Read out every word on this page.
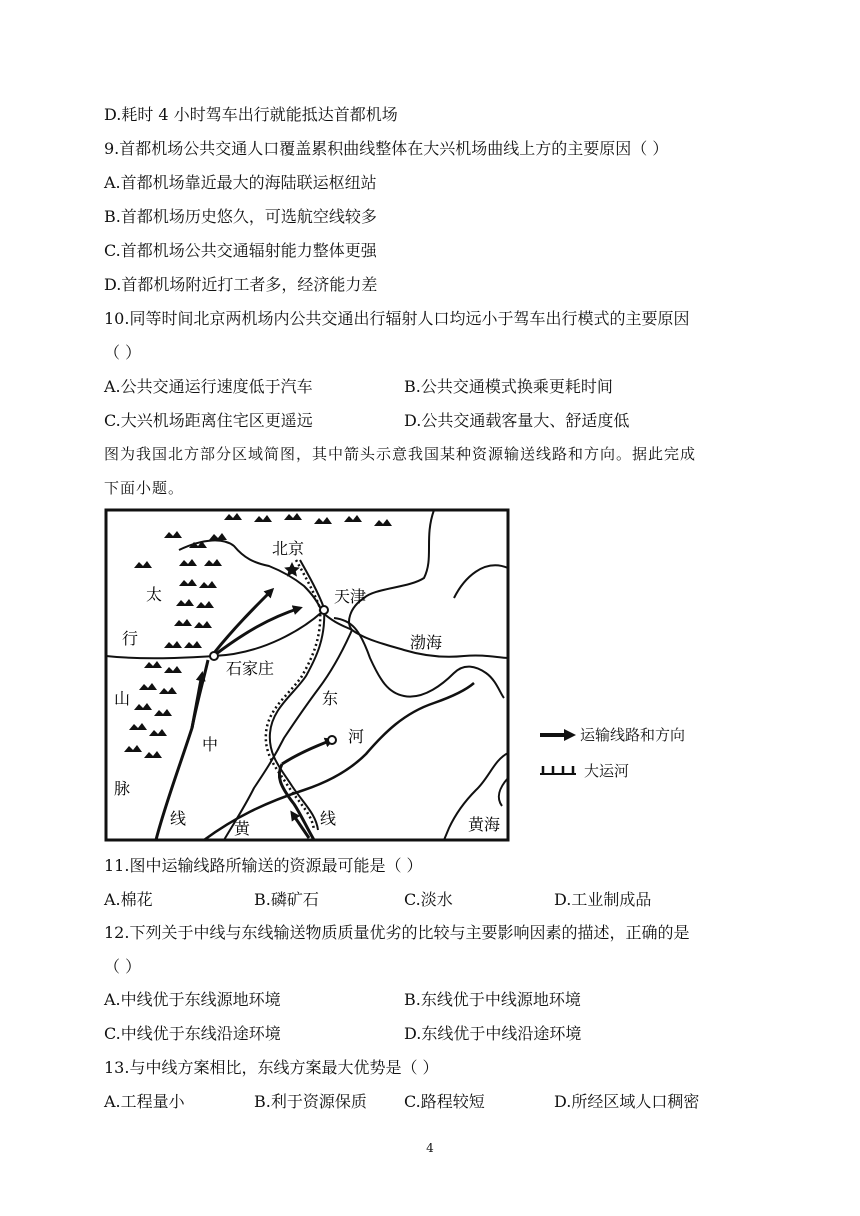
D.耗时 4 小时驾车出行就能抵达首都机场
9.首都机场公共交通人口覆盖累积曲线整体在大兴机场曲线上方的主要原因（ ）
A.首都机场靠近最大的海陆联运枢纽站
B.首都机场历史悠久，可选航空线较多
C.首都机场公共交通辐射能力整体更强
D.首都机场附近打工者多，经济能力差
10.同等时间北京两机场内公共交通出行辐射人口均远小于驾车出行模式的主要原因
（ ）
A.公共交通运行速度低于汽车	B.公共交通模式换乘更耗时间
C.大兴机场距离住宅区更遥远	D.公共交通载客量大、舒适度低
图为我国北方部分区域简图，其中箭头示意我国某种资源输送线路和方向。据此完成
下面小题。
北京
天津
石家庄
渤海
太
行
山
脉
中
线
东
河
线
黄	黄海
运输线路和方向
大运河
11.图中运输线路所输送的资源最可能是（ ）
A.棉花	B.磷矿石	C.淡水	D.工业制成品
12.下列关于中线与东线输送物质质量优劣的比较与主要影响因素的描述，正确的是
（ ）
A.中线优于东线源地环境	B.东线优于中线源地环境
C.中线优于东线沿途环境	D.东线优于中线沿途环境
13.与中线方案相比，东线方案最大优势是（ ）
A.工程量小	B.利于资源保质 C.路程较短	D.所经区域人口稠密
4
